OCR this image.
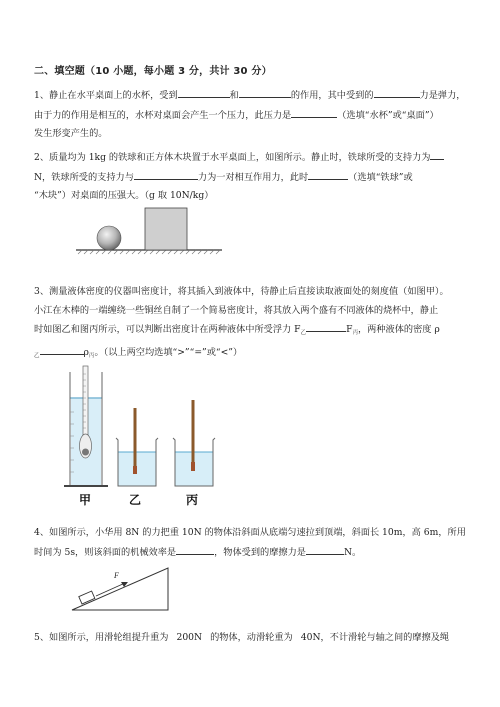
二、填空题（10 小题，每小题 3 分，共计 30 分）
1、静止在水平桌面上的水杯，受到	和	的作用，其中受到的	力是弹力，
由于力的作用是相互的，水杯对桌面会产生一个压力，此压力是	（选填“水杯”或“桌面”）
发生形变产生的。
2、质量均为 1kg 的铁球和正方体木块置于水平桌面上，如图所示。静止时，铁球所受的支持力为
N，铁球所受的支持力与	力为一对相互作用力，此时	（选填“铁球”或
“木块”）对桌面的压强大。（g 取 10N/kg）
3、测量液体密度的仪器叫密度计，将其插入到液体中，待静止后直接读取液面处的刻度值（如图甲）。
小江在木棒的一端缠绕一些铜丝自制了一个简易密度计，将其放入两个盛有不同液体的烧杯中，静止
时如图乙和图丙所示，可以判断出密度计在两种液体中所受浮力 $F_乙$	$F_丙$，两种液体的密度 ρ
$_乙$	$\rho_丙$。（以上两空均选填“>”“=”或“<”）
甲	乙	丙
4、如图所示，小华用 8N 的力把重 10N 的物体沿斜面从底端匀速拉到顶端，斜面长 10m，高 6m，所用
时间为 5s，则该斜面的机械效率是	，物体受到的摩擦力是	N。
F
5、如图所示，用滑轮组提升重为 200N 的物体，动滑轮重为 40N，不计滑轮与轴之间的摩擦及绳
